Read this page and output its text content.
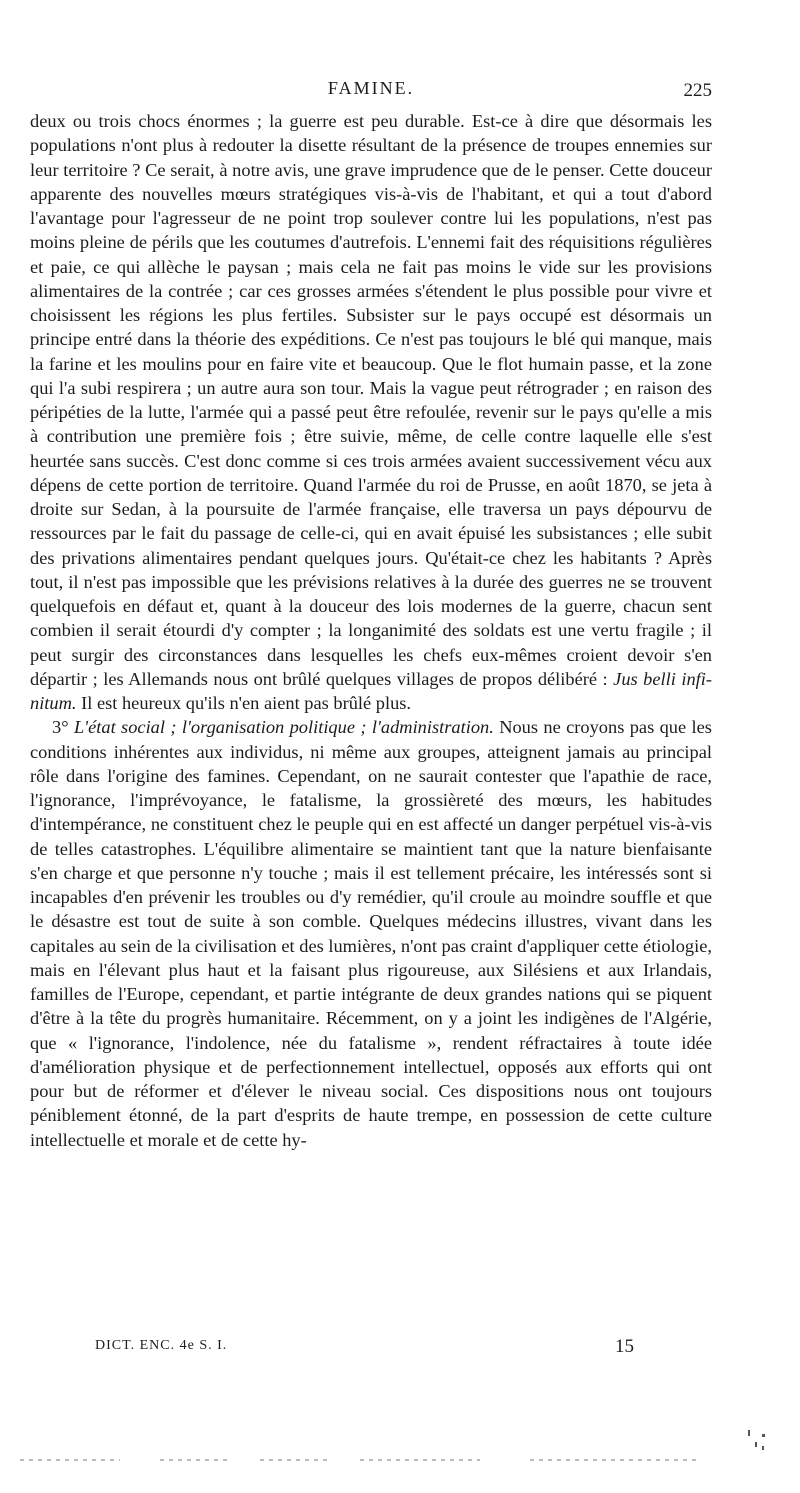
FAMINE.	225

deux ou trois chocs énormes ; la guerre est peu durable. Est-ce à dire que désormais les populations n'ont plus à redouter la disette résultant de la présence de troupes ennemies sur leur territoire ? Ce serait, à notre avis, une grave imprudence que de le penser. Cette douceur apparente des nouvelles mœurs stratégiques vis-à-vis de l'habitant, et qui a tout d'abord l'avantage pour l'agresseur de ne point trop soulever contre lui les populations, n'est pas moins pleine de périls que les coutumes d'autrefois. L'ennemi fait des réquisitions régulières et paie, ce qui allèche le paysan ; mais cela ne fait pas moins le vide sur les provisions alimentaires de la contrée ; car ces grosses armées s'étendent le plus possible pour vivre et choisissent les régions les plus fertiles. Subsister sur le pays occupé est désormais un principe entré dans la théorie des expéditions. Ce n'est pas toujours le blé qui manque, mais la farine et les moulins pour en faire vite et beaucoup. Que le flot humain passe, et la zone qui l'a subi respirera ; un autre aura son tour. Mais la vague peut rétrograder ; en raison des péripéties de la lutte, l'armée qui a passé peut être refoulée, revenir sur le pays qu'elle a mis à contribution une première fois ; être suivie, même, de celle contre laquelle elle s'est heurtée sans succès. C'est donc comme si ces trois armées avaient successivement vécu aux dépens de cette portion de territoire. Quand l'armée du roi de Prusse, en août 1870, se jeta à droite sur Sedan, à la poursuite de l'armée française, elle traversa un pays dépourvu de ressources par le fait du passage de celle-ci, qui en avait épuisé les subsistances ; elle subit des privations alimentaires pendant quelques jours. Qu'était-ce chez les habitants ? Après tout, il n'est pas impossible que les prévisions relatives à la durée des guerres ne se trouvent quelquefois en défaut et, quant à la douceur des lois modernes de la guerre, chacun sent combien il serait étourdi d'y compter ; la longanimité des soldats est une vertu fragile ; il peut surgir des circonstances dans lesquelles les chefs eux-mêmes croient devoir s'en départir ; les Allemands nous ont brûlé quelques villages de propos délibéré : Jus belli infinitum. Il est heureux qu'ils n'en aient pas brûlé plus.

3° L'état social ; l'organisation politique ; l'administration. Nous ne croyons pas que les conditions inhérentes aux individus, ni même aux groupes, atteignent jamais au principal rôle dans l'origine des famines. Cependant, on ne saurait contester que l'apathie de race, l'ignorance, l'imprévoyance, le fatalisme, la grossièreté des mœurs, les habitudes d'intempérance, ne constituent chez le peuple qui en est affecté un danger perpétuel vis-à-vis de telles catastrophes. L'équilibre alimentaire se maintient tant que la nature bienfaisante s'en charge et que personne n'y touche ; mais il est tellement précaire, les intéressés sont si incapables d'en prévenir les troubles ou d'y remédier, qu'il croule au moindre souffle et que le désastre est tout de suite à son comble. Quelques médecins illustres, vivant dans les capitales au sein de la civilisation et des lumières, n'ont pas craint d'appliquer cette étiologie, mais en l'élevant plus haut et la faisant plus rigoureuse, aux Silésiens et aux Irlandais, familles de l'Europe, cependant, et partie intégrante de deux grandes nations qui se piquent d'être à la tête du progrès humanitaire. Récemment, on y a joint les indigènes de l'Algérie, que « l'ignorance, l'indolence, née du fatalisme », rendent réfractaires à toute idée d'amélioration physique et de perfectionnement intellectuel, opposés aux efforts qui ont pour but de réformer et d'élever le niveau social. Ces dispositions nous ont toujours péniblement étonné, de la part d'esprits de haute trempe, en possession de cette culture intellectuelle et morale et de cette hy-

DICT. ENC. 4e S. I.	15
